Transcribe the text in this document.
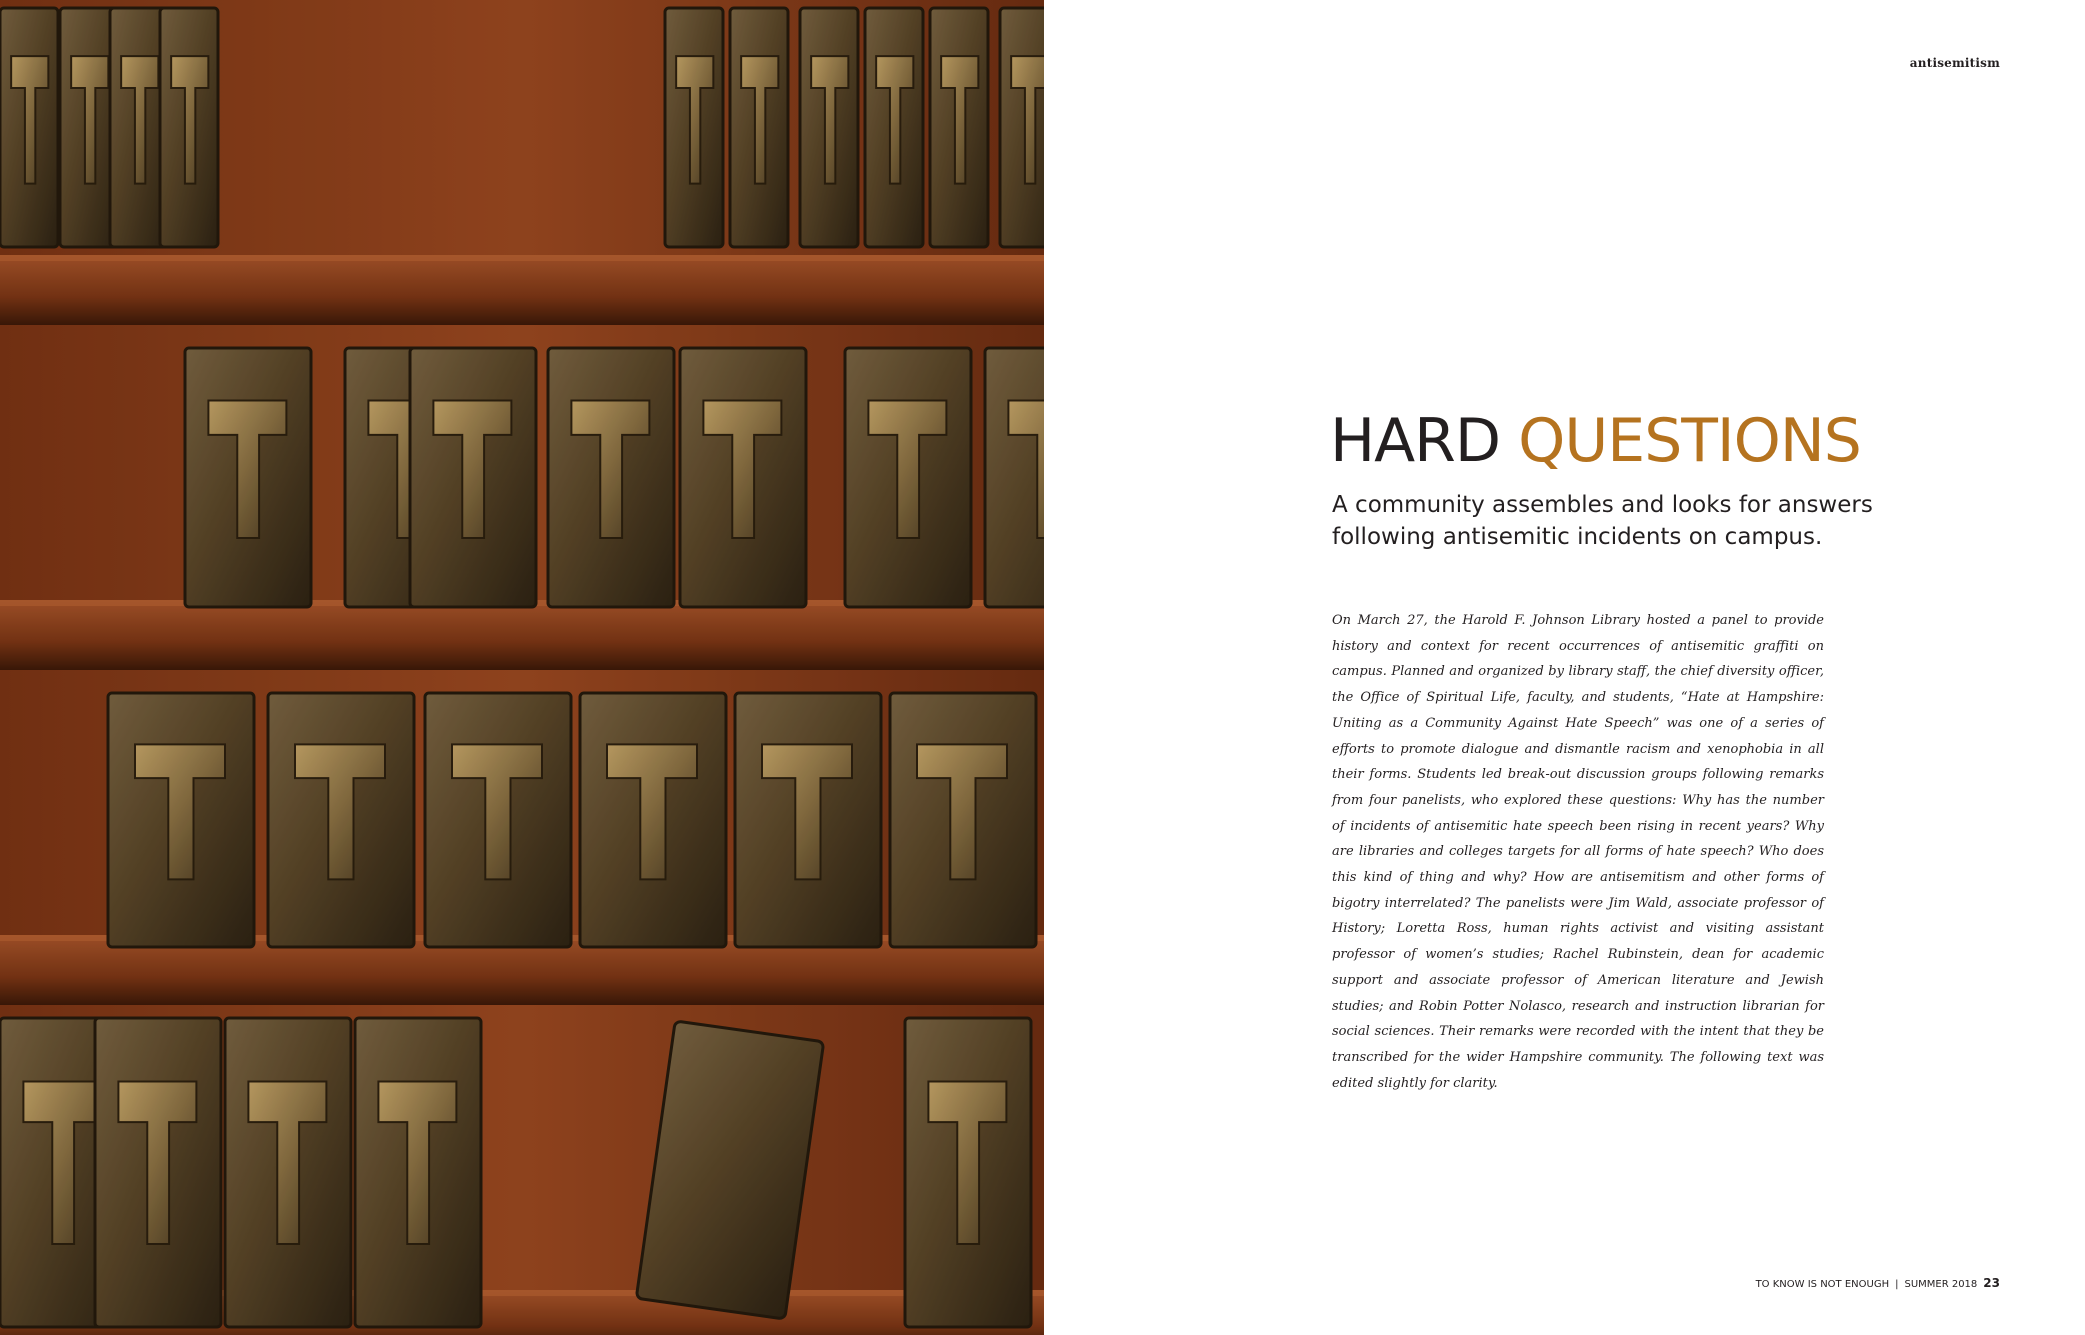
antisemitism
HARD QUESTIONS

A community assembles and looks for answers following antisemitic incidents on campus.

On March 27, the Harold F. Johnson Library hosted a panel to provide history and context for recent occurrences of antisemitic graffiti on campus. Planned and organized by library staff, the chief diversity officer, the Office of Spiritual Life, faculty, and students, “Hate at Hampshire: Uniting as a Community Against Hate Speech” was one of a series of efforts to promote dialogue and dismantle racism and xenophobia in all their forms. Students led break-out discussion groups following remarks from four panelists, who explored these questions: Why has the number of incidents of antisemitic hate speech been rising in recent years? Why are libraries and colleges targets for all forms of hate speech? Who does this kind of thing and why? How are antisemitism and other forms of bigotry interrelated? The panelists were Jim Wald, associate professor of History; Loretta Ross, human rights activist and visiting assistant professor of women’s studies; Rachel Rubinstein, dean for academic support and associate professor of American literature and Jewish studies; and Robin Potter Nolasco, research and instruction librarian for social sciences. Their remarks were recorded with the intent that they be transcribed for the wider Hampshire community. The following text was edited slightly for clarity.

TO KNOW IS NOT ENOUGH | SUMMER 2018 23
